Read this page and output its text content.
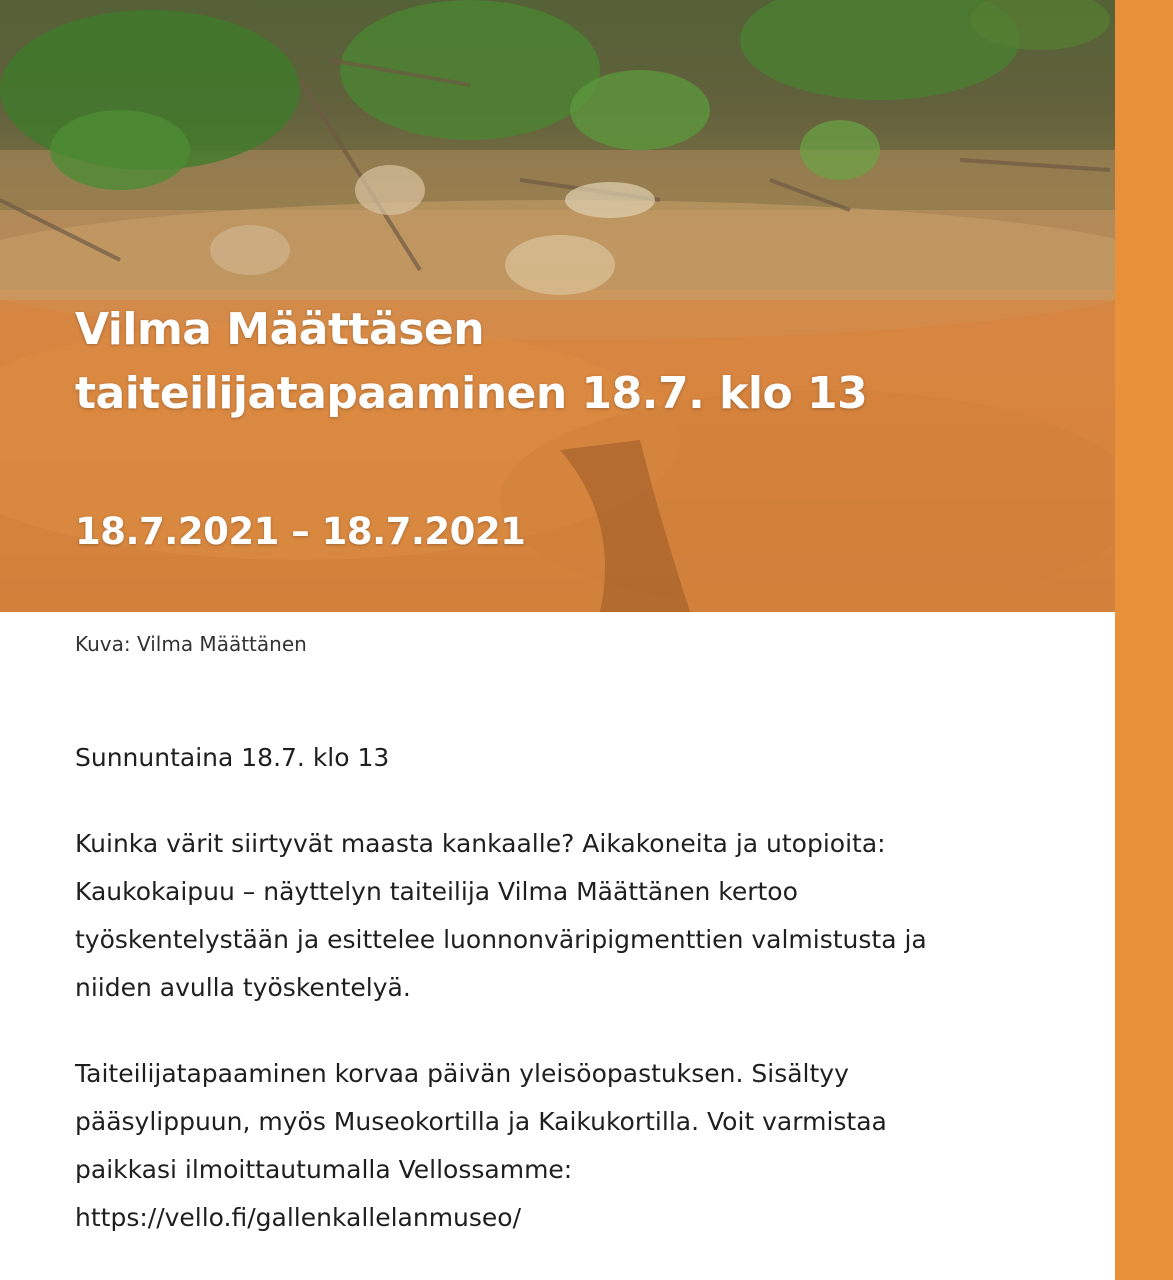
Vilma Määttäsen
taiteilijatapaaminen 18.7. klo 13

18.7.2021 – 18.7.2021

Kuva: Vilma Määttänen

Sunnuntaina 18.7. klo 13

Kuinka värit siirtyvät maasta kankaalle? Aikakoneita ja utopioita:
Kaukokaipuu – näyttelyn taiteilija Vilma Määttänen kertoo
työskentelystään ja esittelee luonnonväripigmenttien valmistusta ja
niiden avulla työskentelyä.

Taiteilijatapaaminen korvaa päivän yleisöopastuksen. Sisältyy
pääsylippuun, myös Museokortilla ja Kaikukortilla. Voit varmistaa
paikkasi ilmoittautumalla Vellossamme:
https://vello.fi/gallenkallelanmuseo/
